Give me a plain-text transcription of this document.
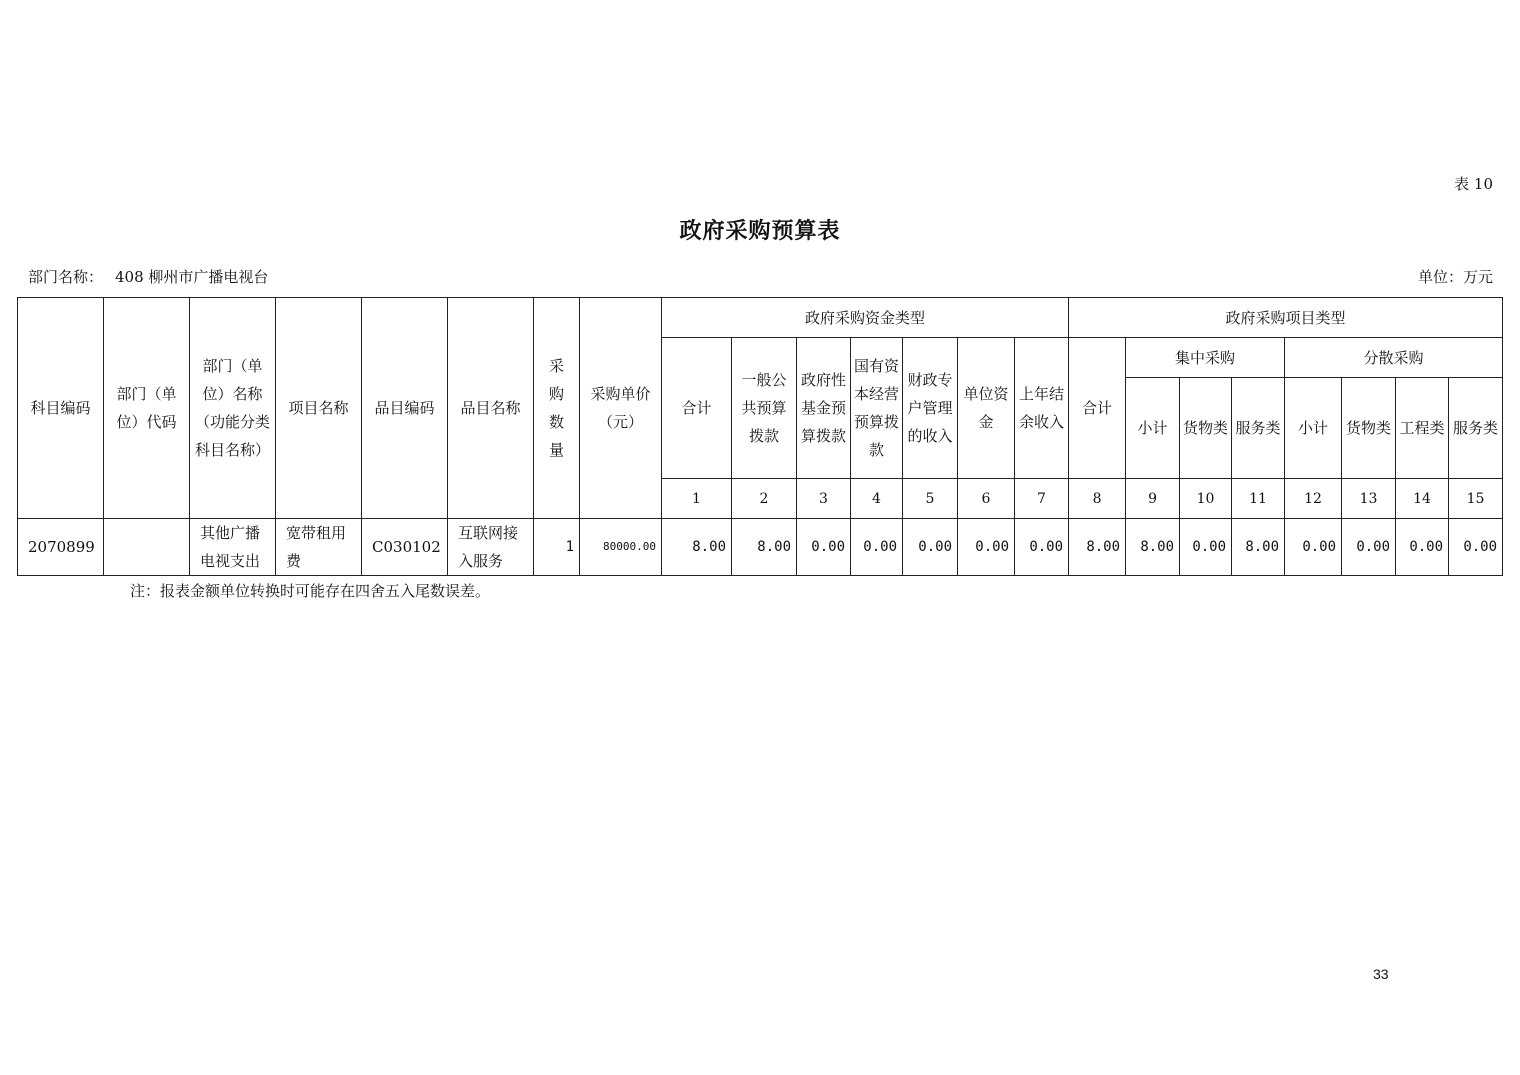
表 10
政府采购预算表
部门名称： 408 柳州市广播电视台	单位：万元
科目编码	部门（单位）代码	部门（单位）名称（功能分类科目名称）	项目名称	品目编码	品目名称	采购数量	采购单价（元）	政府采购资金类型							政府采购项目类型							
								合计	一般公共预算拨款	政府性基金预算拨款	国有资本经营预算拨款	财政专户管理的收入	单位资金	上年结余收入	合计	集中采购			分散采购			
																小计	货物类	服务类	小计	货物类	工程类	服务类
								1	2	3	4	5	6	7	8	9	10	11	12	13	14	15
2070899		其他广播电视支出	宽带租用费	C030102	互联网接入服务	1	80000.00	8.00	8.00	0.00	0.00	0.00	0.00	0.00	8.00	8.00	0.00	8.00	0.00	0.00	0.00	0.00
注：报表金额单位转换时可能存在四舍五入尾数误差。
33
